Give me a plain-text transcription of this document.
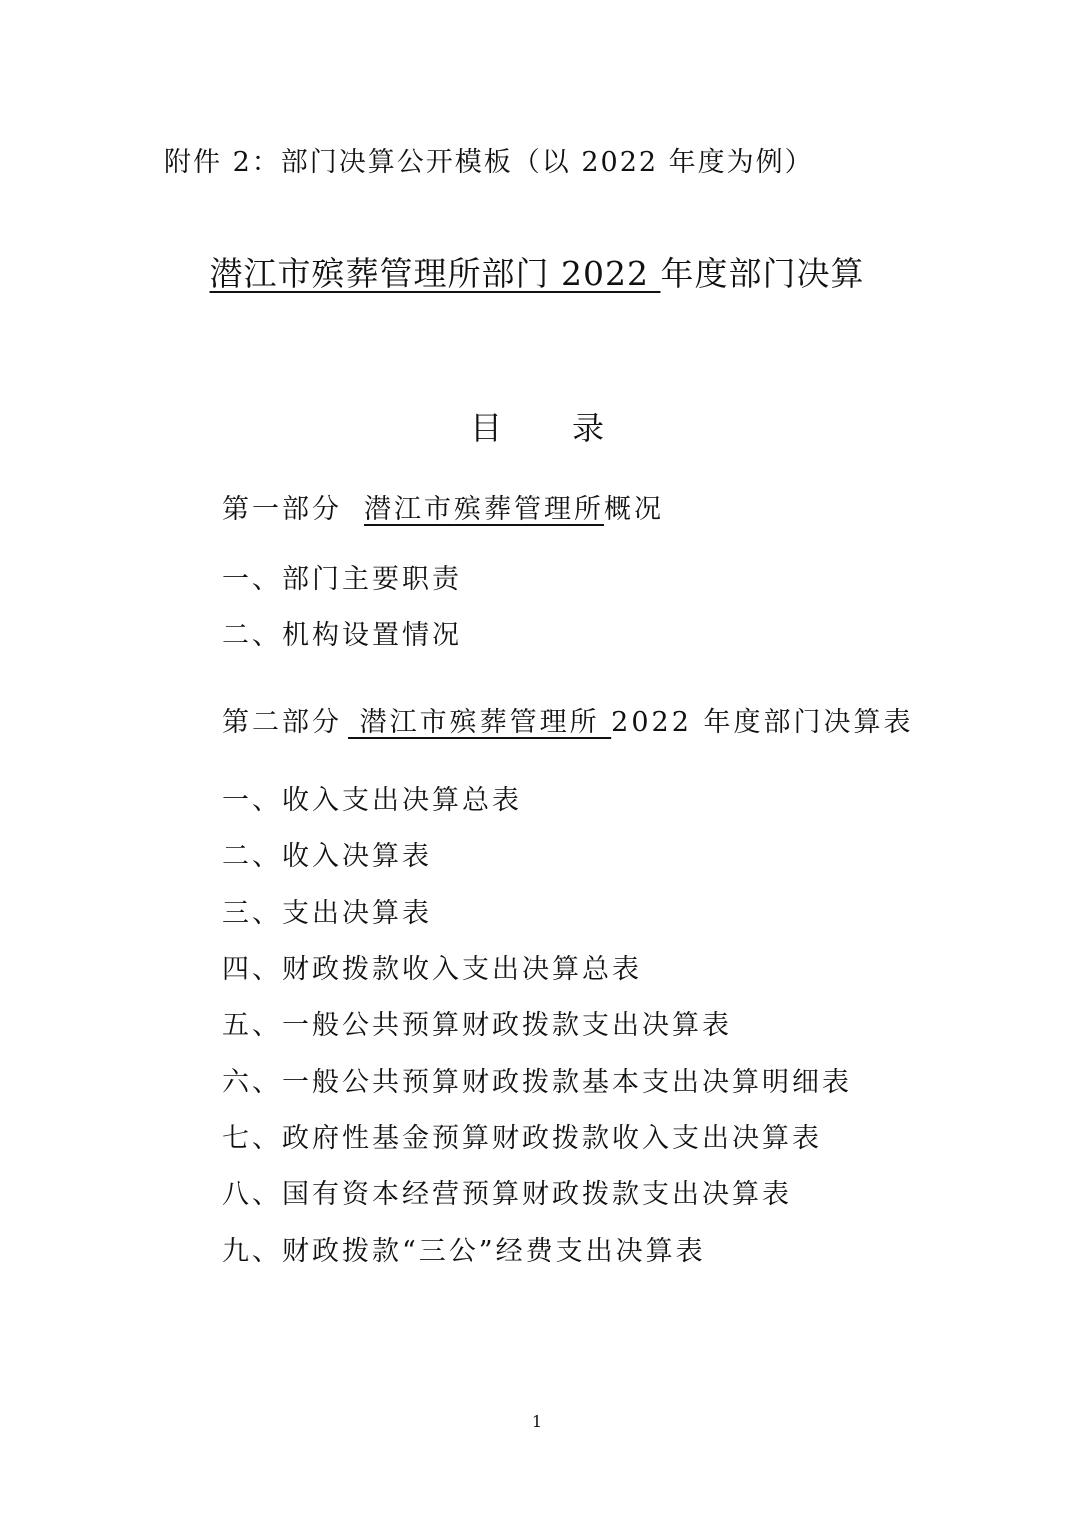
附件 2：部门决算公开模板（以 2022 年度为例）
潜江市殡葬管理所部门 2022 年度部门决算
目 录
第一部分 潜江市殡葬管理所概况
一、部门主要职责
二、机构设置情况
第二部分 潜江市殡葬管理所 2022 年度部门决算表
一、收入支出决算总表
二、收入决算表
三、支出决算表
四、财政拨款收入支出决算总表
五、一般公共预算财政拨款支出决算表
六、一般公共预算财政拨款基本支出决算明细表
七、政府性基金预算财政拨款收入支出决算表
八、国有资本经营预算财政拨款支出决算表
九、财政拨款“三公”经费支出决算表
1
